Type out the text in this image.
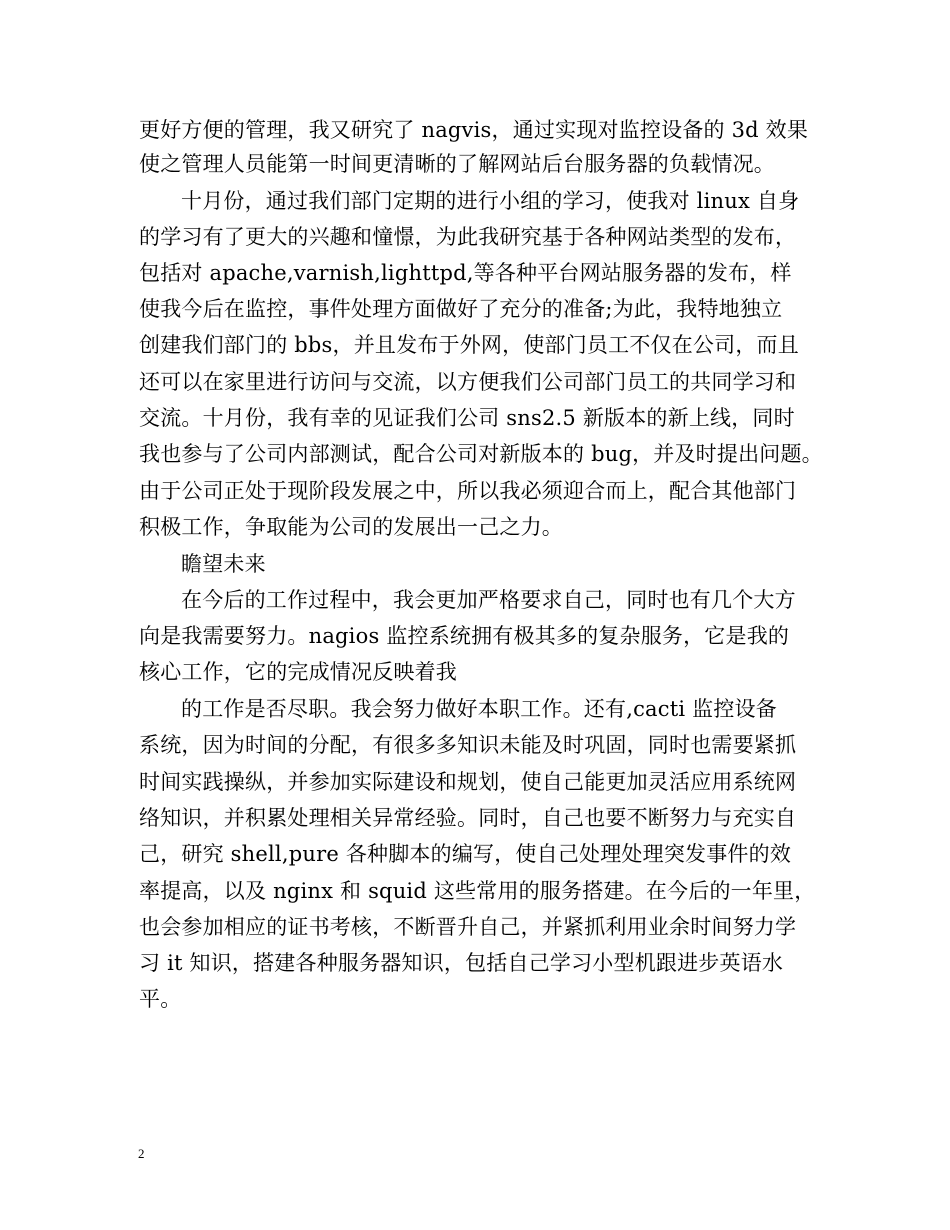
更好方便的管理，我又研究了 nagvis，通过实现对监控设备的 3d 效果
使之管理人员能第一时间更清晰的了解网站后台服务器的负载情况。
十月份，通过我们部门定期的进行小组的学习，使我对 linux 自身
的学习有了更大的兴趣和憧憬，为此我研究基于各种网站类型的发布，
包括对 apache,varnish,lighttpd,等各种平台网站服务器的发布，样
使我今后在监控，事件处理方面做好了充分的准备;为此，我特地独立
创建我们部门的 bbs，并且发布于外网，使部门员工不仅在公司，而且
还可以在家里进行访问与交流，以方便我们公司部门员工的共同学习和
交流。十月份，我有幸的见证我们公司 sns2.5 新版本的新上线，同时
我也参与了公司内部测试，配合公司对新版本的 bug，并及时提出问题。
由于公司正处于现阶段发展之中，所以我必须迎合而上，配合其他部门
积极工作，争取能为公司的发展出一己之力。
瞻望未来
在今后的工作过程中，我会更加严格要求自己，同时也有几个大方
向是我需要努力。nagios 监控系统拥有极其多的复杂服务，它是我的
核心工作，它的完成情况反映着我
的工作是否尽职。我会努力做好本职工作。还有,cacti 监控设备
系统，因为时间的分配，有很多多知识未能及时巩固，同时也需要紧抓
时间实践操纵，并参加实际建设和规划，使自己能更加灵活应用系统网
络知识，并积累处理相关异常经验。同时，自己也要不断努力与充实自
己，研究 shell,pure 各种脚本的编写，使自己处理处理突发事件的效
率提高，以及 nginx 和 squid 这些常用的服务搭建。在今后的一年里，
也会参加相应的证书考核，不断晋升自己，并紧抓利用业余时间努力学
习 it 知识，搭建各种服务器知识，包括自己学习小型机跟进步英语水
平。
2
